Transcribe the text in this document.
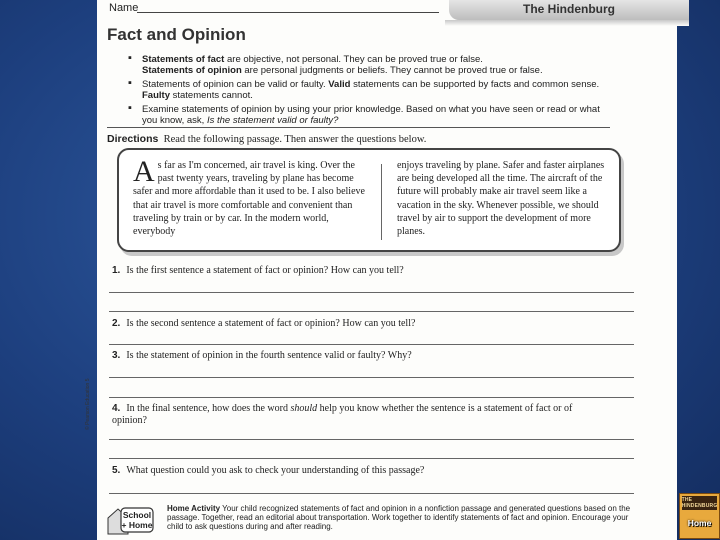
Name	The Hindenburg
Fact and Opinion
▪ Statements of fact are objective, not personal. They can be proved true or false.
Statements of opinion are personal judgments or beliefs. They cannot be proved true or false.
▪ Statements of opinion can be valid or faulty. Valid statements can be supported by facts and common sense. Faulty statements cannot.
▪ Examine statements of opinion by using your prior knowledge. Based on what you have seen or read or what you know, ask, Is the statement valid or faulty?
Directions Read the following passage. Then answer the questions below.
As far as I'm concerned, air travel is king. Over the past twenty years, traveling by plane has become safer and more affordable than it used to be. I also believe that air travel is more comfortable and convenient than traveling by train or by car. In the modern world, everybody
enjoys traveling by plane. Safer and faster airplanes are being developed all the time. The aircraft of the future will probably make air travel seem like a vacation in the sky. Whenever possible, we should travel by air to support the development of more planes.
1. Is the first sentence a statement of fact or opinion? How can you tell?
2. Is the second sentence a statement of fact or opinion? How can you tell?
3. Is the statement of opinion in the fourth sentence valid or faulty? Why?
4. In the final sentence, how does the word should help you know whether the sentence is a statement of fact or of opinion?
5. What question could you ask to check your understanding of this passage?
© Pearson Education 5
School
+ Home
Home Activity Your child recognized statements of fact and opinion in a nonfiction passage and generated questions based on the passage. Together, read an editorial about transportation. Work together to identify statements of fact and opinion. Encourage your child to ask questions during and after reading.
THE HINDENBURG
Home
